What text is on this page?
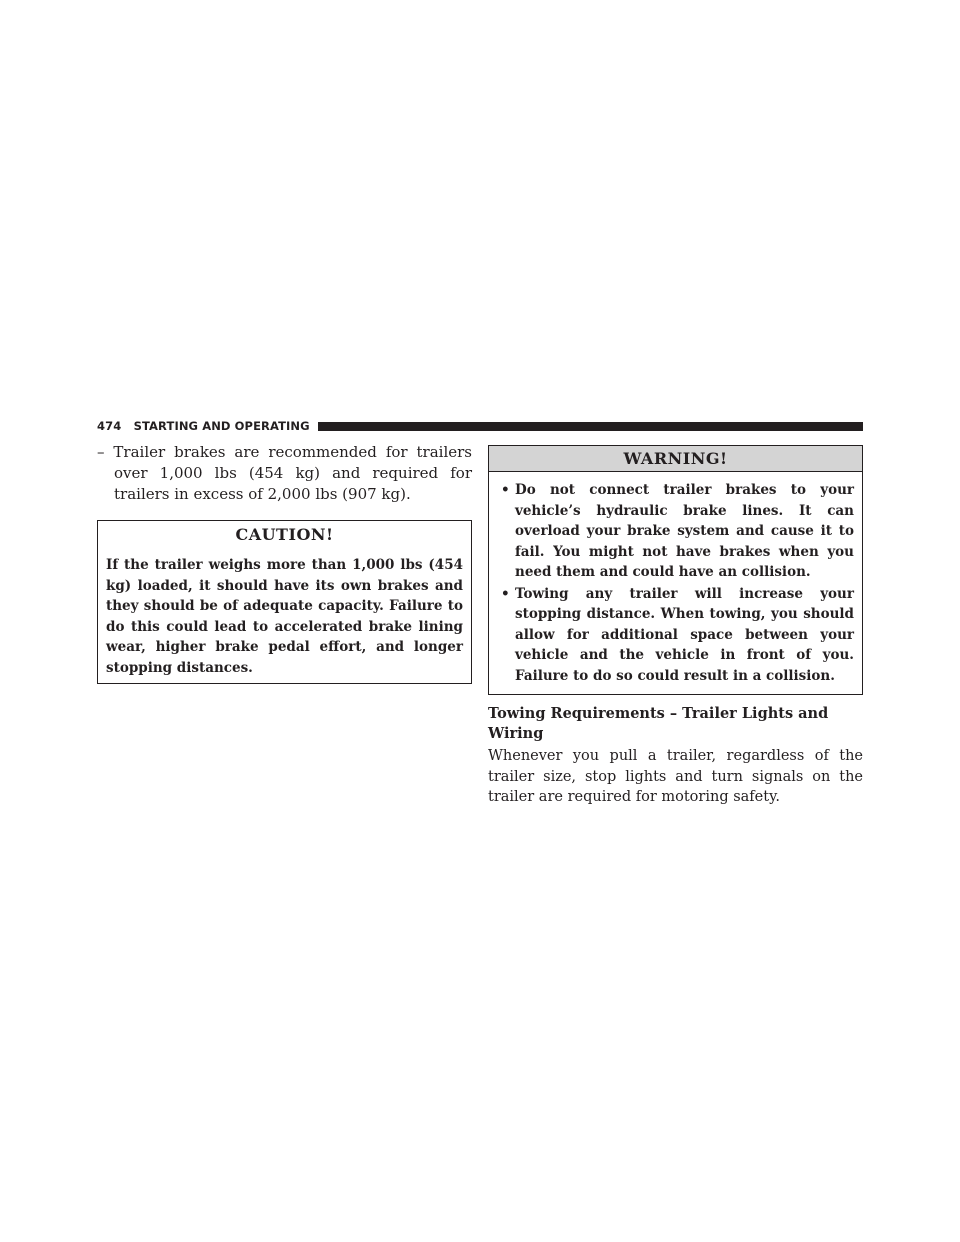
474 STARTING AND OPERATING

– Trailer brakes are recommended for trailers over 1,000 lbs (454 kg) and required for trailers in excess of 2,000 lbs (907 kg).

CAUTION!
If the trailer weighs more than 1,000 lbs (454 kg) loaded, it should have its own brakes and they should be of adequate capacity. Failure to do this could lead to accelerated brake lining wear, higher brake pedal effort, and longer stopping distances.
WARNING!
• Do not connect trailer brakes to your vehicle’s hydraulic brake lines. It can overload your brake system and cause it to fail. You might not have brakes when you need them and could have an collision.
• Towing any trailer will increase your stopping distance. When towing, you should allow for additional space between your vehicle and the vehicle in front of you. Failure to do so could result in a collision.
Towing Requirements – Trailer Lights and Wiring

Whenever you pull a trailer, regardless of the trailer size, stop lights and turn signals on the trailer are required for motoring safety.
